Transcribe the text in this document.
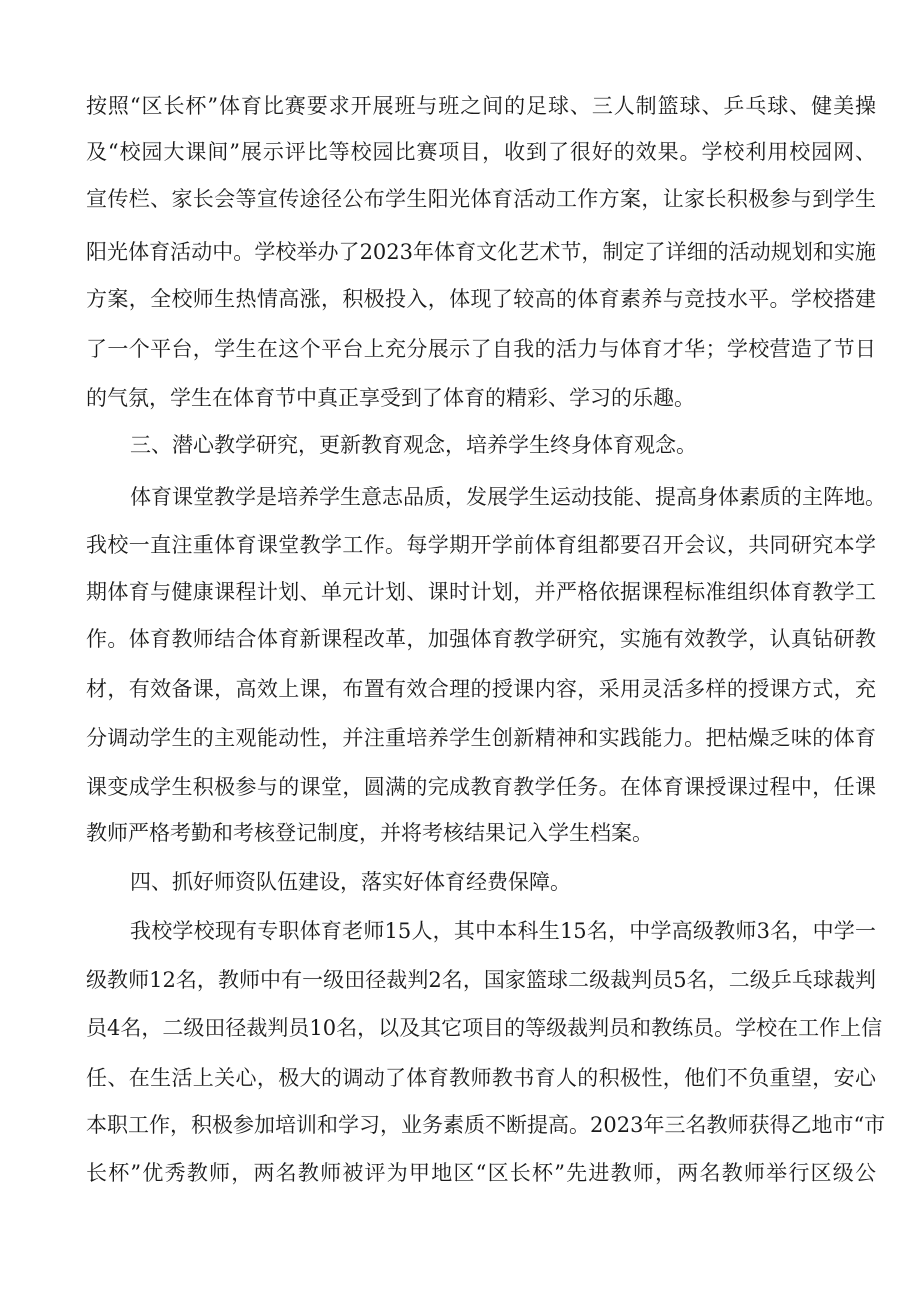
按照“区长杯”体育比赛要求开展班与班之间的足球、三人制篮球、乒乓球、健美操
及“校园大课间”展示评比等校园比赛项目，收到了很好的效果。学校利用校园网、
宣传栏、家长会等宣传途径公布学生阳光体育活动工作方案，让家长积极参与到学生
阳光体育活动中。学校举办了2023年体育文化艺术节，制定了详细的活动规划和实施
方案，全校师生热情高涨，积极投入，体现了较高的体育素养与竞技水平。学校搭建
了一个平台，学生在这个平台上充分展示了自我的活力与体育才华；学校营造了节日
的气氛，学生在体育节中真正享受到了体育的精彩、学习的乐趣。
三、潜心教学研究，更新教育观念，培养学生终身体育观念。
体育课堂教学是培养学生意志品质，发展学生运动技能、提高身体素质的主阵地。
我校一直注重体育课堂教学工作。每学期开学前体育组都要召开会议，共同研究本学
期体育与健康课程计划、单元计划、课时计划，并严格依据课程标准组织体育教学工
作。体育教师结合体育新课程改革，加强体育教学研究，实施有效教学，认真钻研教
材，有效备课，高效上课，布置有效合理的授课内容，采用灵活多样的授课方式，充
分调动学生的主观能动性，并注重培养学生创新精神和实践能力。把枯燥乏味的体育
课变成学生积极参与的课堂，圆满的完成教育教学任务。在体育课授课过程中，任课
教师严格考勤和考核登记制度，并将考核结果记入学生档案。
四、抓好师资队伍建设，落实好体育经费保障。
我校学校现有专职体育老师15人，其中本科生15名，中学高级教师3名，中学一
级教师12名，教师中有一级田径裁判2名，国家篮球二级裁判员5名，二级乒乓球裁判
员4名，二级田径裁判员10名，以及其它项目的等级裁判员和教练员。学校在工作上信
任、在生活上关心，极大的调动了体育教师教书育人的积极性，他们不负重望，安心
本职工作，积极参加培训和学习，业务素质不断提高。2023年三名教师获得乙地市“市
长杯”优秀教师，两名教师被评为甲地区“区长杯”先进教师，两名教师举行区级公
